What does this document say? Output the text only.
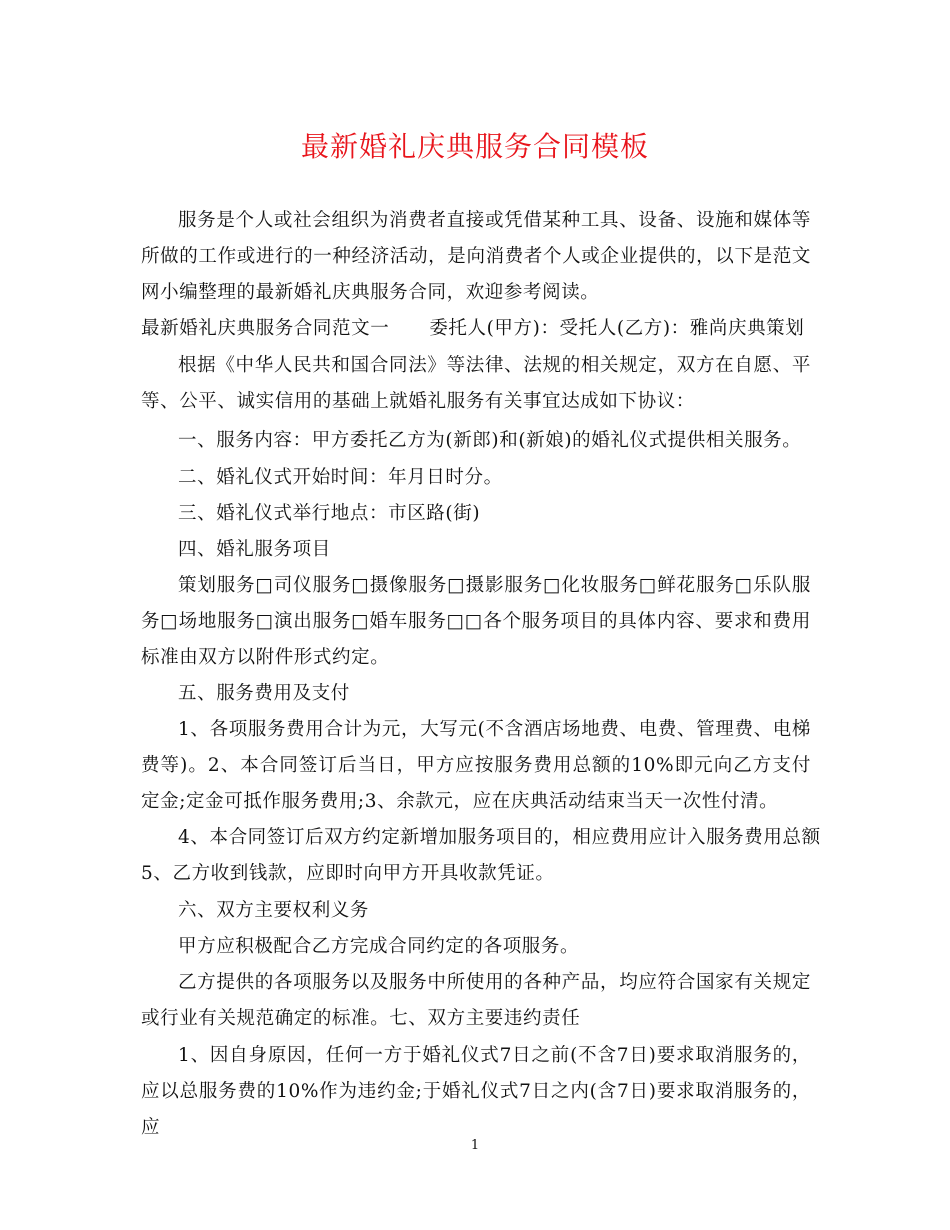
最新婚礼庆典服务合同模板

服务是个人或社会组织为消费者直接或凭借某种工具、设备、设施和媒体等所做的工作或进行的一种经济活动，是向消费者个人或企业提供的，以下是范文网小编整理的最新婚礼庆典服务合同，欢迎参考阅读。

最新婚礼庆典服务合同范文一 委托人(甲方)：受托人(乙方)：雅尚庆典策划

根据《中华人民共和国合同法》等法律、法规的相关规定，双方在自愿、平等、公平、诚实信用的基础上就婚礼服务有关事宜达成如下协议：

一、服务内容：甲方委托乙方为(新郎)和(新娘)的婚礼仪式提供相关服务。

二、婚礼仪式开始时间：年月日时分。

三、婚礼仪式举行地点：市区路(街)

四、婚礼服务项目

策划服务□司仪服务□摄像服务□摄影服务□化妆服务□鲜花服务□乐队服务□场地服务□演出服务□婚车服务□□各个服务项目的具体内容、要求和费用标准由双方以附件形式约定。

五、服务费用及支付

1、各项服务费用合计为元，大写元(不含酒店场地费、电费、管理费、电梯费等)。2、本合同签订后当日，甲方应按服务费用总额的10%即元向乙方支付定金;定金可抵作服务费用;3、余款元，应在庆典活动结束当天一次性付清。

4、本合同签订后双方约定新增加服务项目的，相应费用应计入服务费用总额

5、乙方收到钱款，应即时向甲方开具收款凭证。

六、双方主要权利义务

甲方应积极配合乙方完成合同约定的各项服务。

乙方提供的各项服务以及服务中所使用的各种产品，均应符合国家有关规定或行业有关规范确定的标准。七、双方主要违约责任

1、因自身原因，任何一方于婚礼仪式7日之前(不含7日)要求取消服务的，应以总服务费的10%作为违约金;于婚礼仪式7日之内(含7日)要求取消服务的，应

1
